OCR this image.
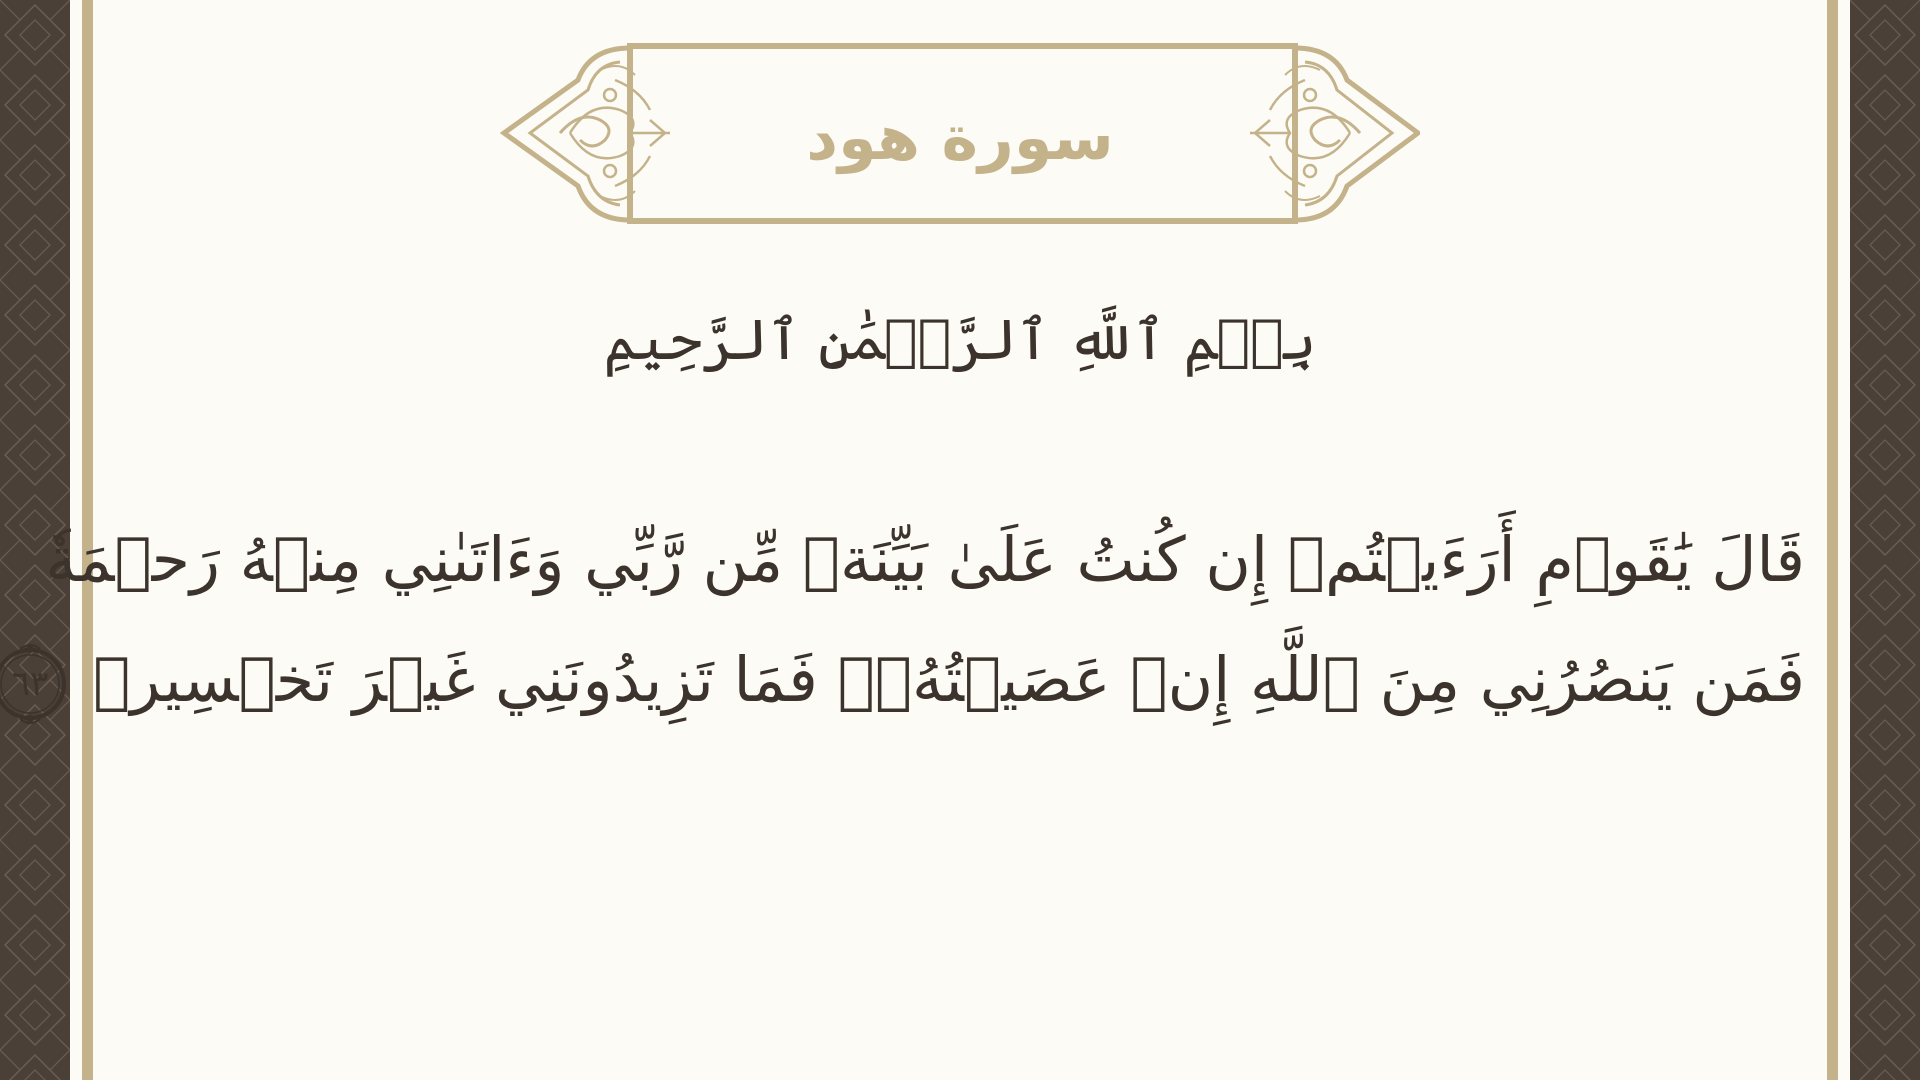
سورة هود
بِسۡمِ ٱللَّهِ ٱلرَّحۡمَٰنِ ٱلرَّحِيمِ
قَالَ يَٰقَوۡمِ أَرَءَيۡتُمۡ إِن كُنتُ عَلَىٰ بَيِّنَةٖ مِّن رَّبِّي وَءَاتَىٰنِي مِنۡهُ رَحۡمَةٗ
فَمَن يَنصُرُنِي مِنَ ٱللَّهِ إِنۡ عَصَيۡتُهُۥۖ فَمَا تَزِيدُونَنِي غَيۡرَ تَخۡسِيرٖ
٦٣
